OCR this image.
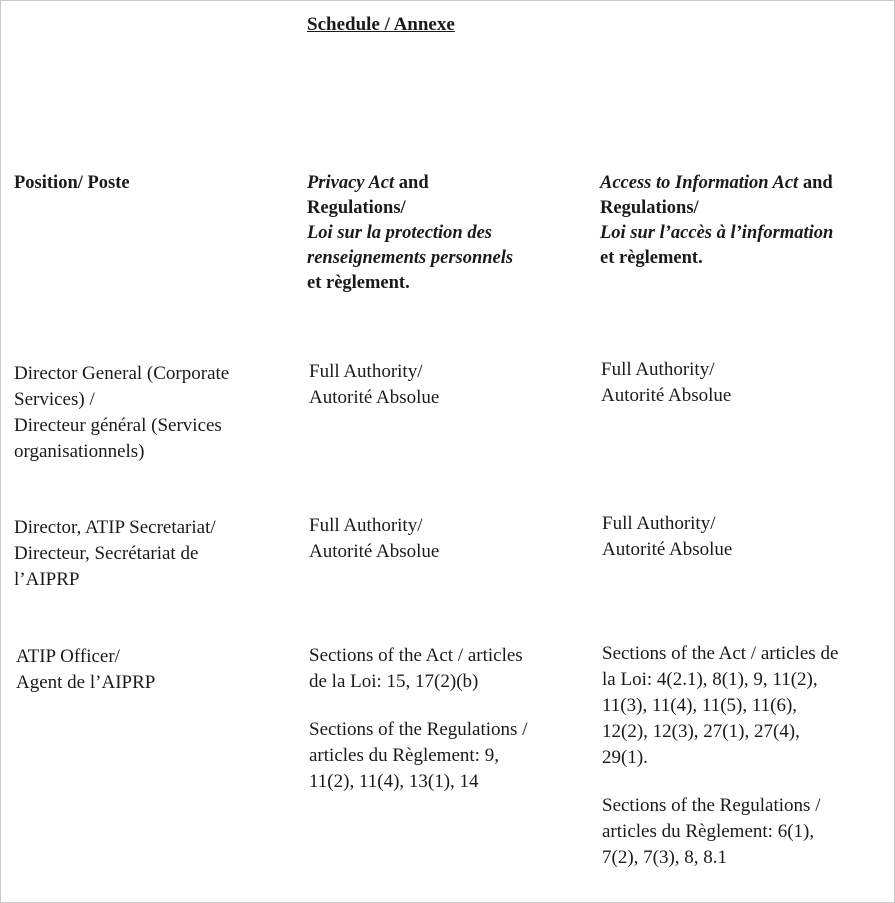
Schedule / Annexe
Position/ Poste	Privacy Act and
Regulations/
Loi sur la protection des
renseignements personnels
et règlement.
Access to Information Act and
Regulations/
Loi sur l’accès à l’information
et règlement.
Director General (Corporate
Services) /
Directeur général (Services
organisationnels)
Full Authority/
Autorité Absolue
Full Authority/
Autorité Absolue
Director, ATIP Secretariat/
Directeur, Secrétariat de
l’AIPRP
Full Authority/
Autorité Absolue
Full Authority/
Autorité Absolue
ATIP Officer/
Agent de l’AIPRP
Sections of the Act / articles
de la Loi: 15, 17(2)(b)
Sections of the Regulations /
articles du Règlement: 9,
11(2), 11(4), 13(1), 14
Sections of the Act / articles de
la Loi: 4(2.1), 8(1), 9, 11(2),
11(3), 11(4), 11(5), 11(6),
12(2), 12(3), 27(1), 27(4),
29(1).
Sections of the Regulations /
articles du Règlement: 6(1),
7(2), 7(3), 8, 8.1
